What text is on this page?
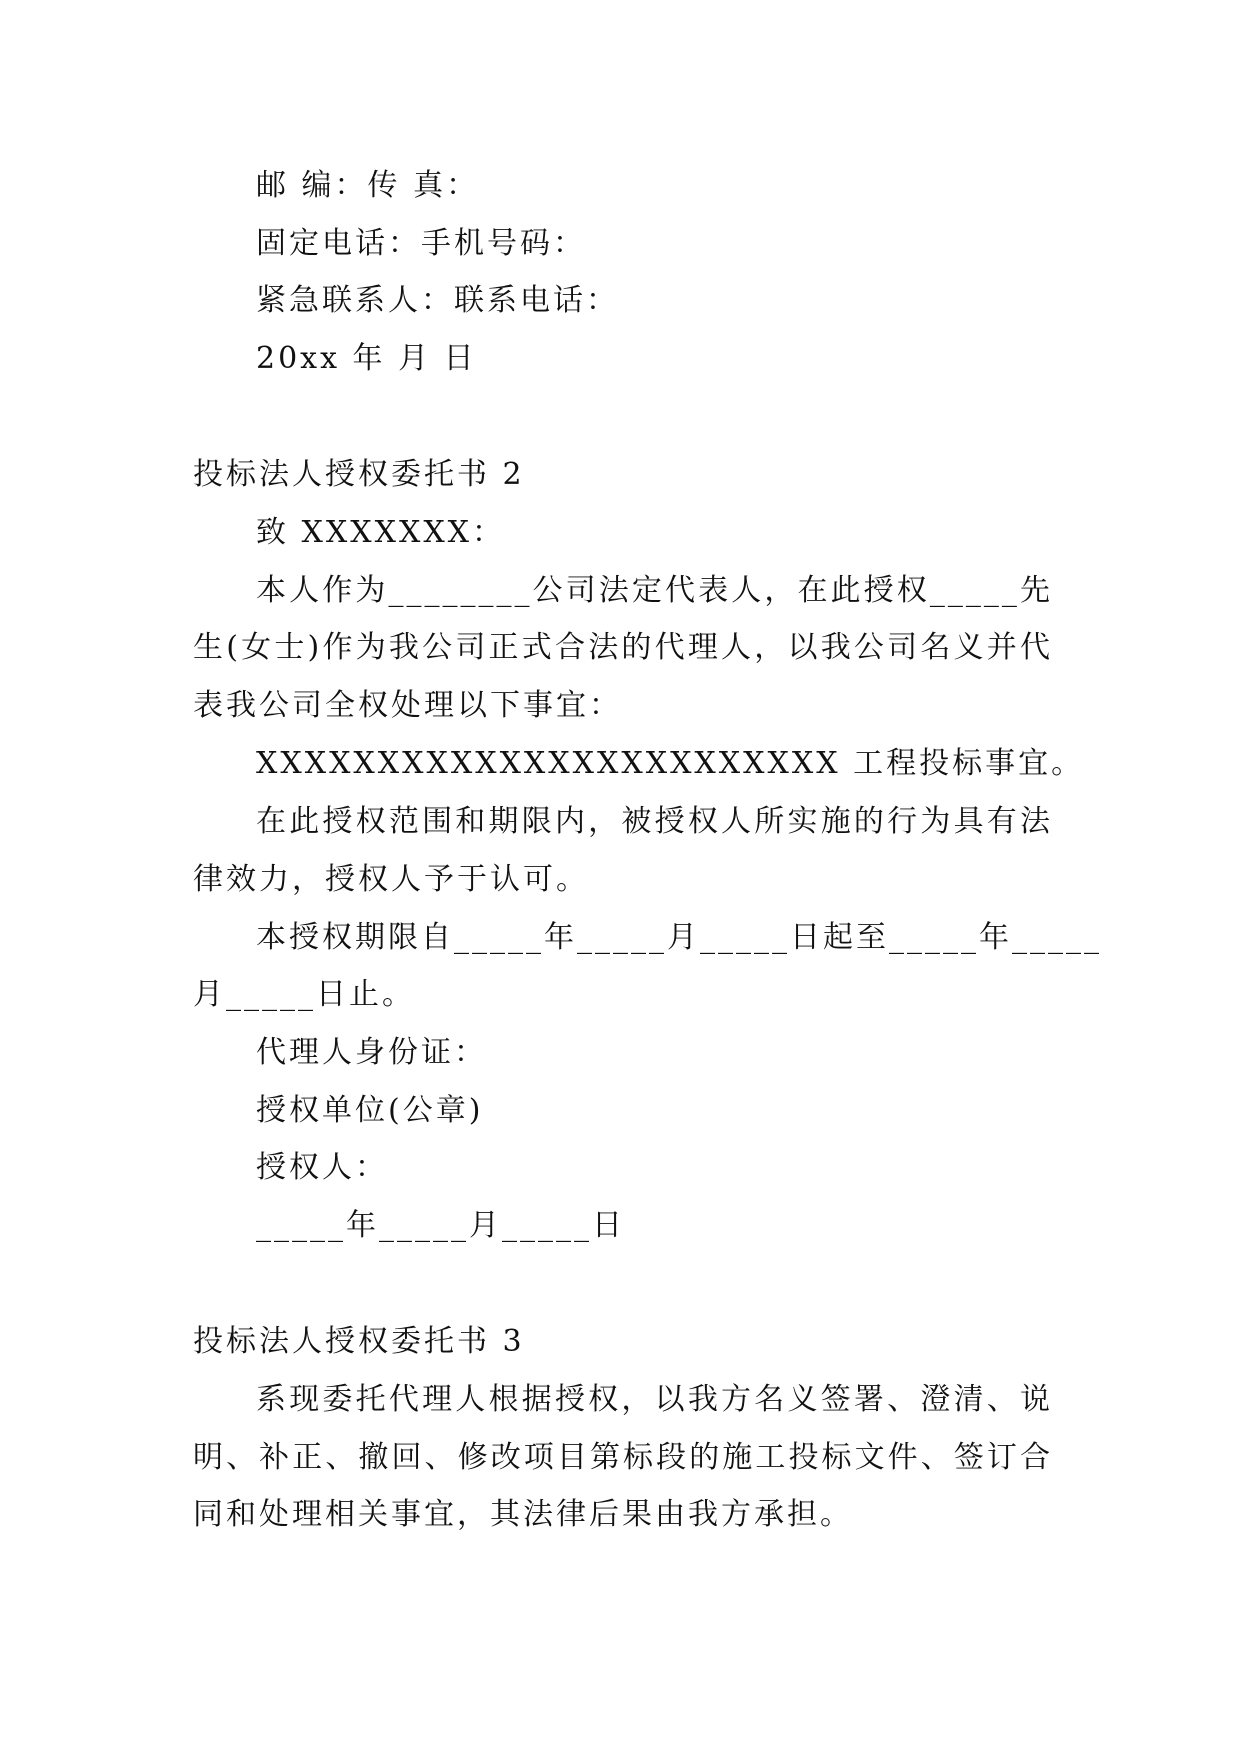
邮 编：传 真：
固定电话：手机号码：
紧急联系人：联系电话：
20xx 年 月 日
投标法人授权委托书 2
致 XXXXXXX：
本人作为________公司法定代表人，在此授权_____先
生(女士)作为我公司正式合法的代理人，以我公司名义并代
表我公司全权处理以下事宜：
XXXXXXXXXXXXXXXXXXXXXXXX 工程投标事宜。
在此授权范围和期限内，被授权人所实施的行为具有法
律效力，授权人予于认可。
本授权期限自_____年_____月_____日起至_____年_____
月_____日止。
代理人身份证：
授权单位(公章)
授权人：
_____年_____月_____日
投标法人授权委托书 3
系现委托代理人根据授权，以我方名义签署、澄清、说
明、补正、撤回、修改项目第标段的施工投标文件、签订合
同和处理相关事宜，其法律后果由我方承担。
